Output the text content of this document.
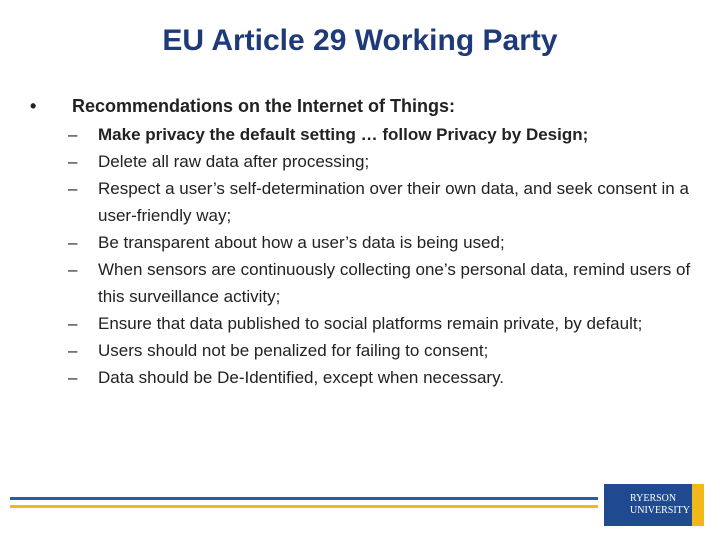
EU Article 29 Working Party
•	Recommendations on the Internet of Things:
–	Make privacy the default setting … follow Privacy by Design;
–	Delete all raw data after processing;
–	Respect a user’s self-determination over their own data, and seek consent in a user-friendly way;
–	Be transparent about how a user’s data is being used;
–	When sensors are continuously collecting one’s personal data, remind users of this surveillance activity;
–	Ensure that data published to social platforms remain private, by default;
–	Users should not be penalized for failing to consent;
–	Data should be De-Identified, except when necessary.
RYERSON
UNIVERSITY
